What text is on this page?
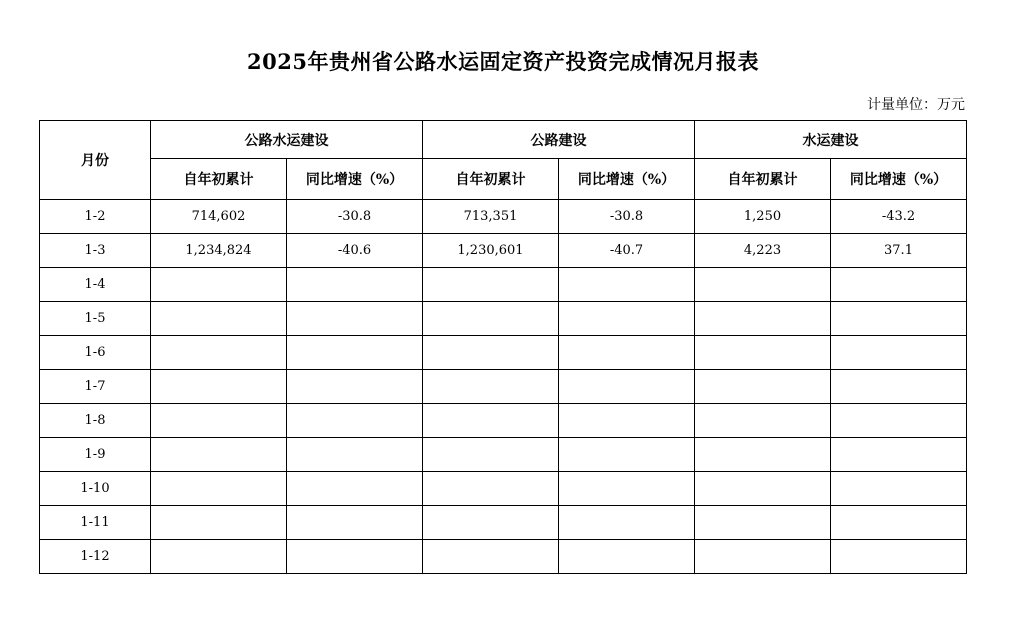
2025年贵州省公路水运固定资产投资完成情况月报表
计量单位：万元
月份	公路水运建设		公路建设		水运建设	
	自年初累计	同比增速（%）	自年初累计	同比增速（%）	自年初累计	同比增速（%）
1-2	714,602	-30.8	713,351	-30.8	1,250	-43.2
1-3	1,234,824	-40.6	1,230,601	-40.7	4,223	37.1
1-4						
1-5						
1-6						
1-7						
1-8						
1-9						
1-10						
1-11						
1-12						
